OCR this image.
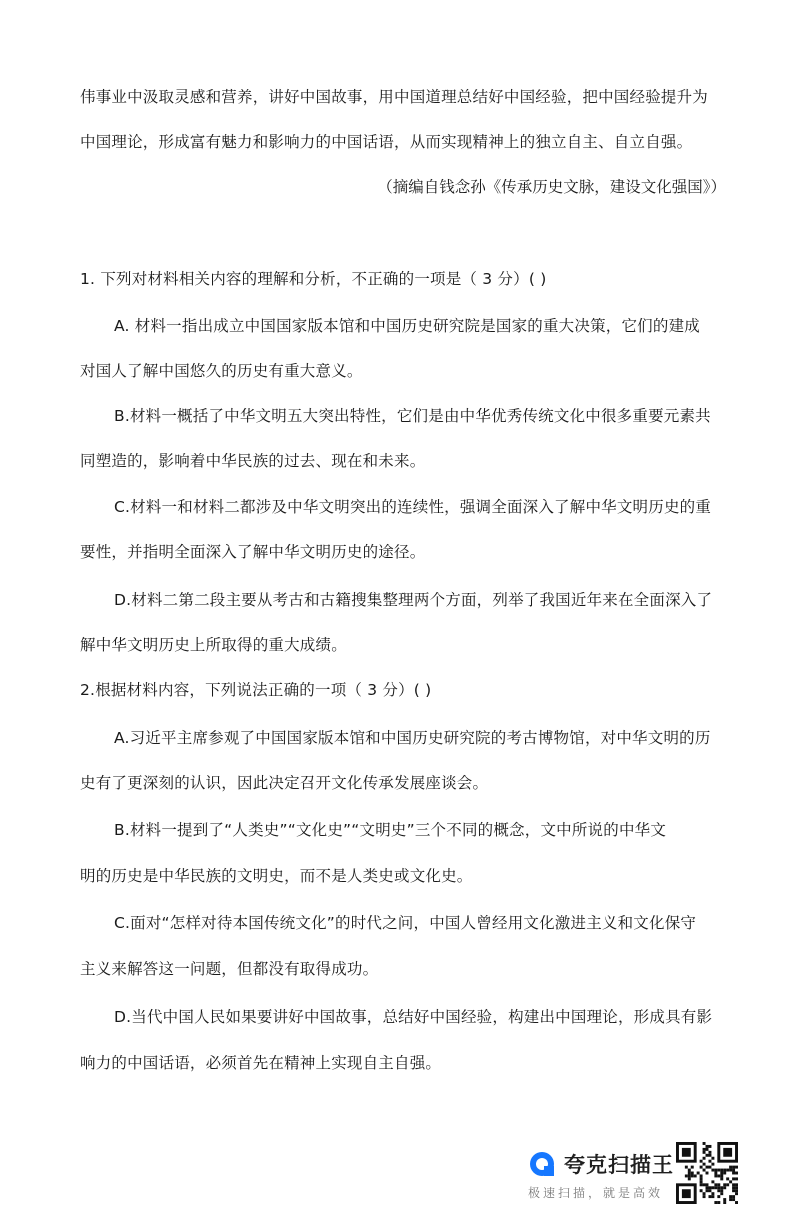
伟事业中汲取灵感和营养，讲好中国故事，用中国道理总结好中国经验，把中国经验提升为
中国理论，形成富有魅力和影响力的中国话语，从而实现精神上的独立自主、自立自强。
（摘编自钱念孙《传承历史文脉，建设文化强国》）
1. 下列对材料相关内容的理解和分析，不正确的一项是（ 3 分）( )
A. 材料一指出成立中国国家版本馆和中国历史研究院是国家的重大决策，它们的建成
对国人了解中国悠久的历史有重大意义。
B.材料一概括了中华文明五大突出特性，它们是由中华优秀传统文化中很多重要元素共
同塑造的，影响着中华民族的过去、现在和未来。
C.材料一和材料二都涉及中华文明突出的连续性，强调全面深入了解中华文明历史的重
要性，并指明全面深入了解中华文明历史的途径。
D.材料二第二段主要从考古和古籍搜集整理两个方面，列举了我国近年来在全面深入了
解中华文明历史上所取得的重大成绩。
2.根据材料内容，下列说法正确的一项（ 3 分）( )
A.习近平主席参观了中国国家版本馆和中国历史研究院的考古博物馆，对中华文明的历
史有了更深刻的认识，因此决定召开文化传承发展座谈会。
B.材料一提到了“人类史”“文化史”“文明史”三个不同的概念，文中所说的中华文
明的历史是中华民族的文明史，而不是人类史或文化史。
C.面对“怎样对待本国传统文化”的时代之问，中国人曾经用文化激进主义和文化保守
主义来解答这一问题，但都没有取得成功。
D.当代中国人民如果要讲好中国故事，总结好中国经验，构建出中国理论，形成具有影
响力的中国话语，必须首先在精神上实现自主自强。
夸克扫描王
极速扫描，就是高效
